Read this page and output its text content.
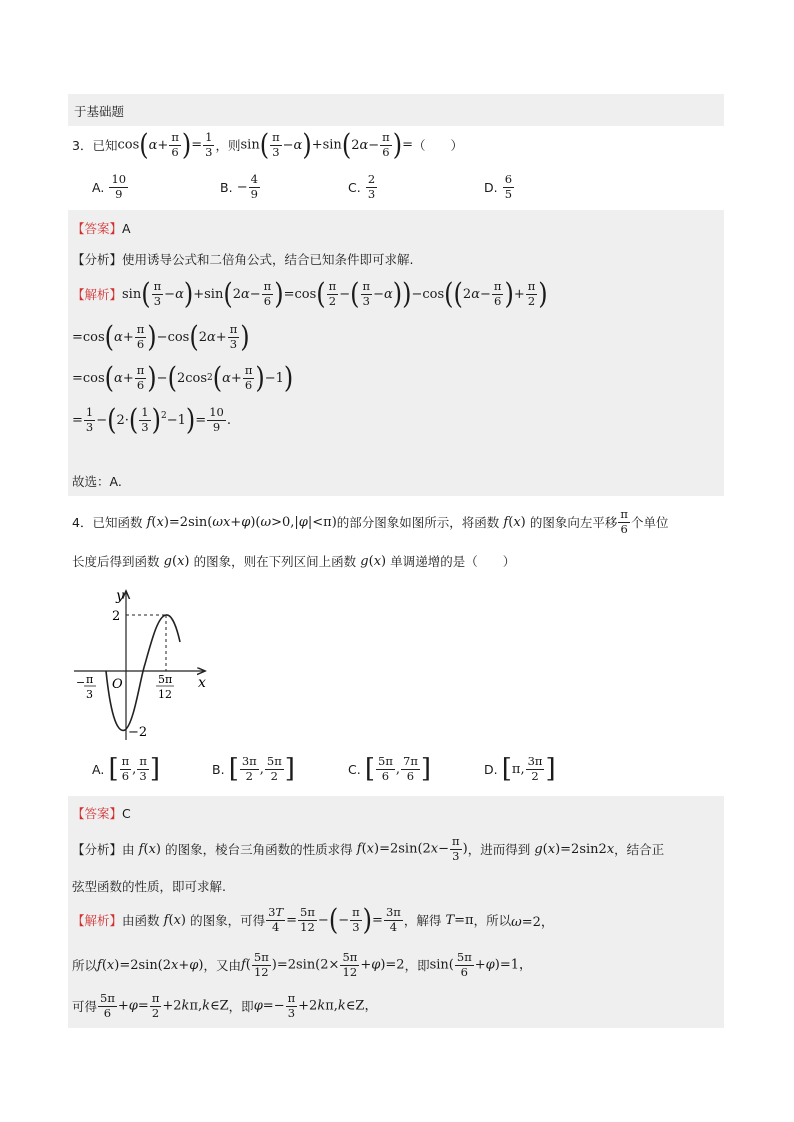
于基础题
3． 已知 cos ( $\alpha + \frac{\pi}{6}$
) = $\frac{1}{3}$ ，则 sin ( $\frac{\pi}{3} - \alpha$
) +sin ( 2 $\alpha - \frac{\pi}{6}$
) = （　　）
A.
$\frac{10}{9}$	B.
− $\frac{4}{9}$	C.
$\frac{2}{3}$	D.
$\frac{6}{5}$
【答案】A
【分析】使用诱导公式和二倍角公式，结合已知条件即可求解.
【解析】 sin ( $\frac{\pi}{3} - \alpha$
) +sin ( 2 $\alpha - \frac{\pi}{6}$
) =cos ( $\frac{\pi}{2}$ − ( $\frac{\pi}{3} - \alpha$
)
) −cos	( ( 2 $\alpha - \frac{\pi}{6}$
) + $\frac{\pi}{2}$
)
=cos ( $\alpha + \frac{\pi}{6}$
) −cos ( 2 $\alpha + \frac{\pi}{3}$
)
=cos ( $\alpha + \frac{\pi}{6}$
) − ( 2cos 2 ( $\alpha + \frac{\pi}{6}$
) −1 )
= $\frac{1}{3}$ − ( 2· ( $\frac{1}{3}$
) $^2$ −1 ) = $\frac{10}{9}$ .
故选：A.
4． 已知函数 f(x)=2sin(ωx+φ)(ω>0,|φ|<π) 的部分图象如图所示，将函数 f(x) 的图象向左平移 $\frac{\pi}{6}$ 个单位
长度后得到函数 g(x) 的图象，则在下列区间上函数 g(x) 单调递增的是（　　）
y
x
O
2
−2
− π
3
5π
12
A.
[ $\frac{\pi}{6}$ , $\frac{\pi}{3}$
]	B.
[ $\frac{3\pi}{2}$ , $\frac{5\pi}{2}$
]	C.
[ $\frac{5\pi}{6}$ , $\frac{7\pi}{6}$
]	D.
	[ π, $\frac{3\pi}{2}$
]
【答案】C
【分析】 由 f(x) 的图象，棱台三角函数的性质求得 $f(x)=2\sin(2x- \frac{\pi}{3}$ ) ，进而得到 g(x)=2sin2x ，结合正
弦型函数的性质，即可求解.
【解析】 由函数 f(x) 的图象，可得 $\frac{3T}{4} = \frac{5\pi}{12}$ − ( − $\frac{\pi}{3}$
) = $\frac{3\pi}{4}$ ，解得 T=π ，所以 ω=2，
所以 f(x)=2sin(2x+φ) ，又由 $f( \frac{5\pi}{12} )=2\sin(2\times \frac{5\pi}{12} +\varphi)=2$ ，即 $\sin( \frac{5\pi}{6} +\varphi)=1$，
可得 $\frac{5\pi}{6} +\varphi= \frac{\pi}{2}$ +2kπ,k∈Z ，即 $\varphi=- \frac{\pi}{3}$ +2kπ,k∈Z，
